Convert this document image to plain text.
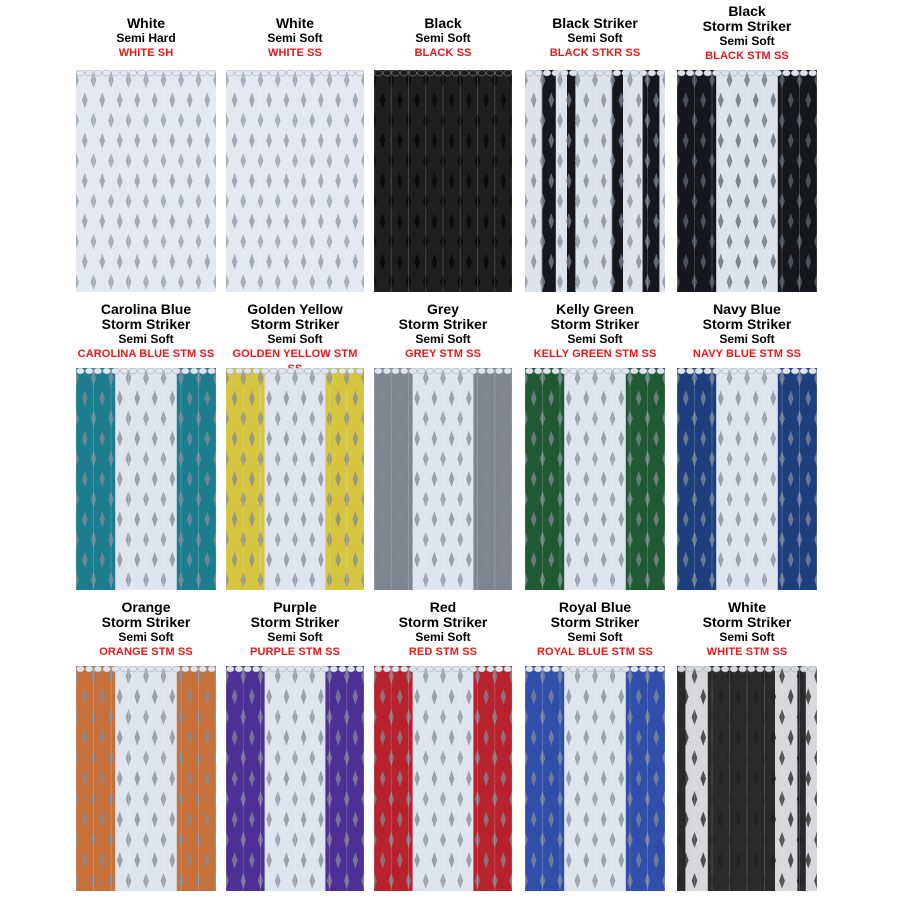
White
Semi Hard
WHITE SH
White
Semi Soft
WHITE SS
Black
Semi Soft
BLACK SS
Black Striker
Semi Soft
BLACK STKR SS
Black
Storm Striker
Semi Soft
BLACK STM SS
Carolina Blue
Storm Striker
Semi Soft
CAROLINA BLUE STM SS
Golden Yellow
Storm Striker
Semi Soft
GOLDEN YELLOW STM
Grey
Storm Striker
Semi Soft
GREY STM SS
Kelly Green
Storm Striker
Semi Soft
KELLY GREEN STM SS
Navy Blue
Storm Striker
Semi Soft
NAVY BLUE STM SS
Orange
Storm Striker
Semi Soft
ORANGE STM SS
Purple
Storm Striker
Semi Soft
PURPLE STM SS
Red
Storm Striker
Semi Soft
RED STM SS
Royal Blue
Storm Striker
Semi Soft
ROYAL BLUE STM SS
White
Storm Striker
Semi Soft
WHITE STM SS
